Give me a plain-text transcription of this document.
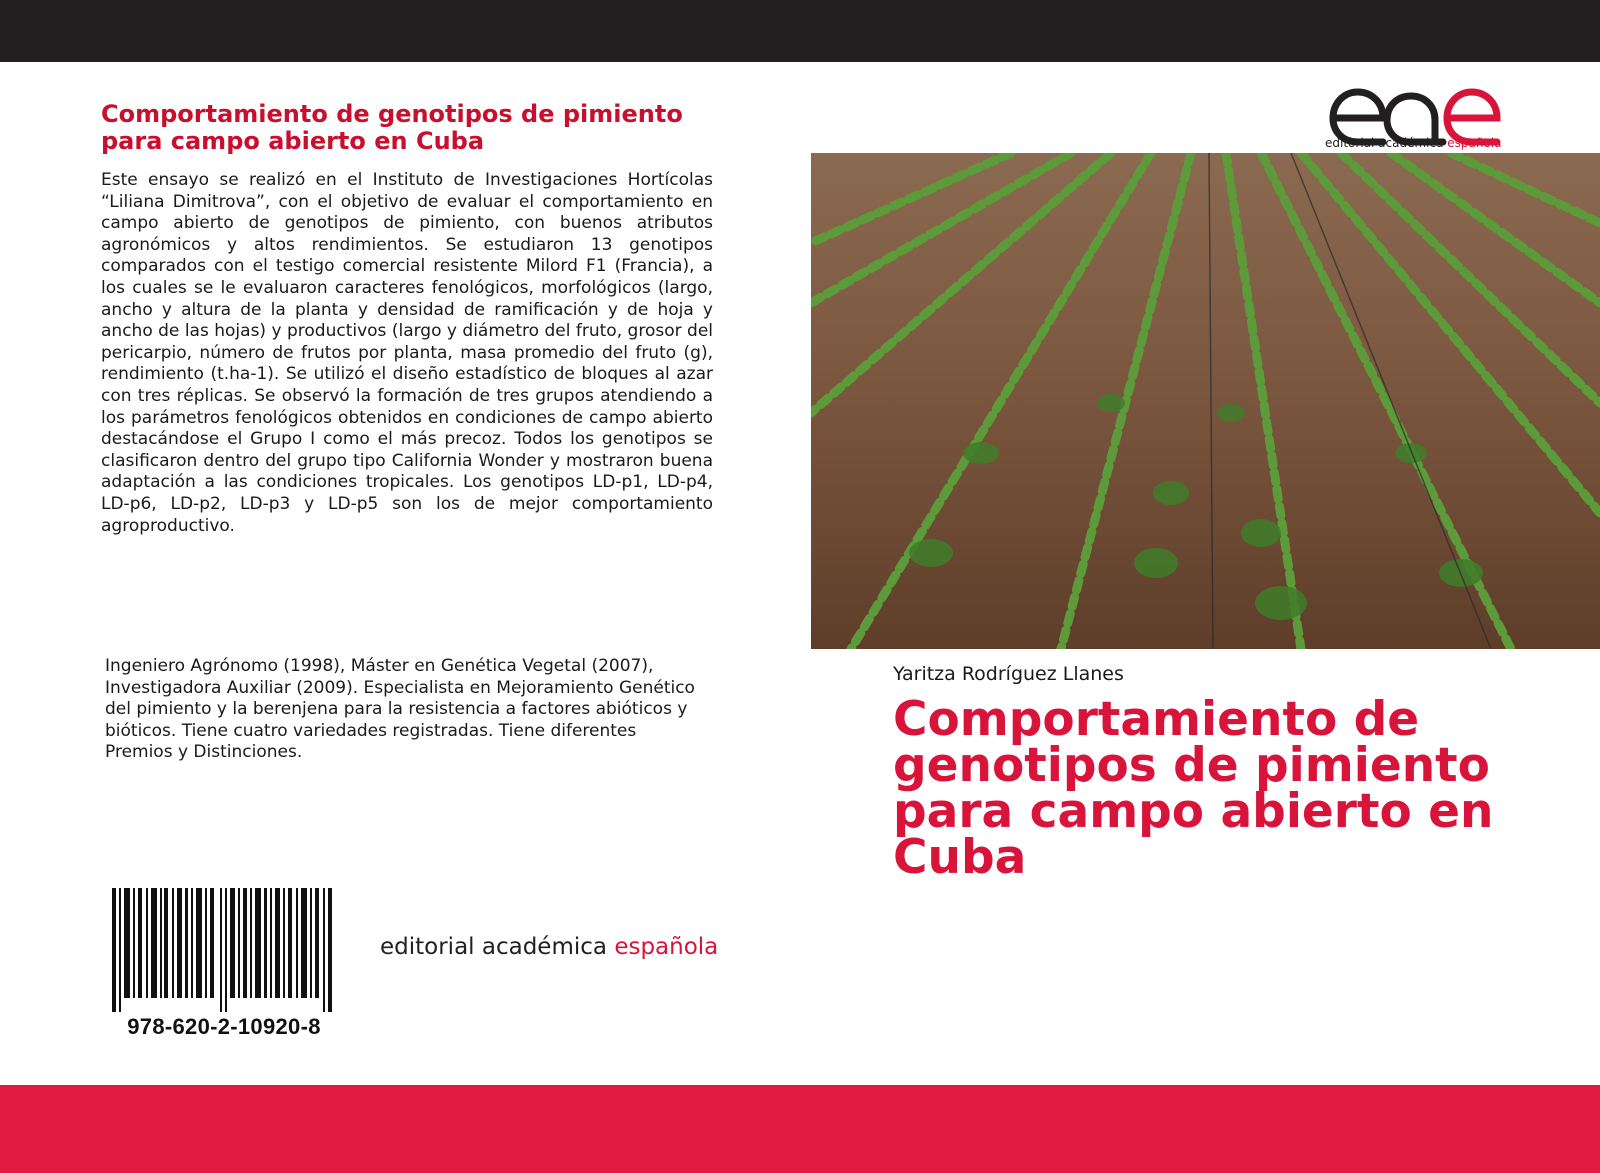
Comportamiento de genotipos de pimiento para campo abierto en Cuba

Este ensayo se realizó en el Instituto de Investigaciones Hortícolas “Liliana Dimitrova”, con el objetivo de evaluar el comportamiento en campo abierto de genotipos de pimiento, con buenos atributos agronómicos y altos rendimientos. Se estudiaron 13 genotipos comparados con el testigo comercial resistente Milord F1 (Francia), a los cuales se le evaluaron caracteres fenológicos, morfológicos (largo, ancho y altura de la planta y densidad de ramificación y de hoja y ancho de las hojas) y productivos (largo y diámetro del fruto, grosor del pericarpio, número de frutos por planta, masa promedio del fruto (g), rendimiento (t.ha-1). Se utilizó el diseño estadístico de bloques al azar con tres réplicas. Se observó la formación de tres grupos atendiendo a los parámetros fenológicos obtenidos en condiciones de campo abierto destacándose el Grupo I como el más precoz. Todos los genotipos se clasificaron dentro del grupo tipo California Wonder y mostraron buena adaptación a las condiciones tropicales. Los genotipos LD-p1, LD-p4, LD-p6, LD-p2, LD-p3 y LD-p5 son los de mejor comportamiento agroproductivo.

Ingeniero Agrónomo (1998), Máster en Genética Vegetal (2007), Investigadora Auxiliar (2009). Especialista en Mejoramiento Genético del pimiento y la berenjena para la resistencia a factores abióticos y bióticos. Tiene cuatro variedades registradas. Tiene diferentes Premios y Distinciones.

978-620-2-10920-8
editorial académica española
editorial académica española
Yaritza Rodríguez Llanes
Comportamiento de genotipos de pimiento para campo abierto en Cuba
